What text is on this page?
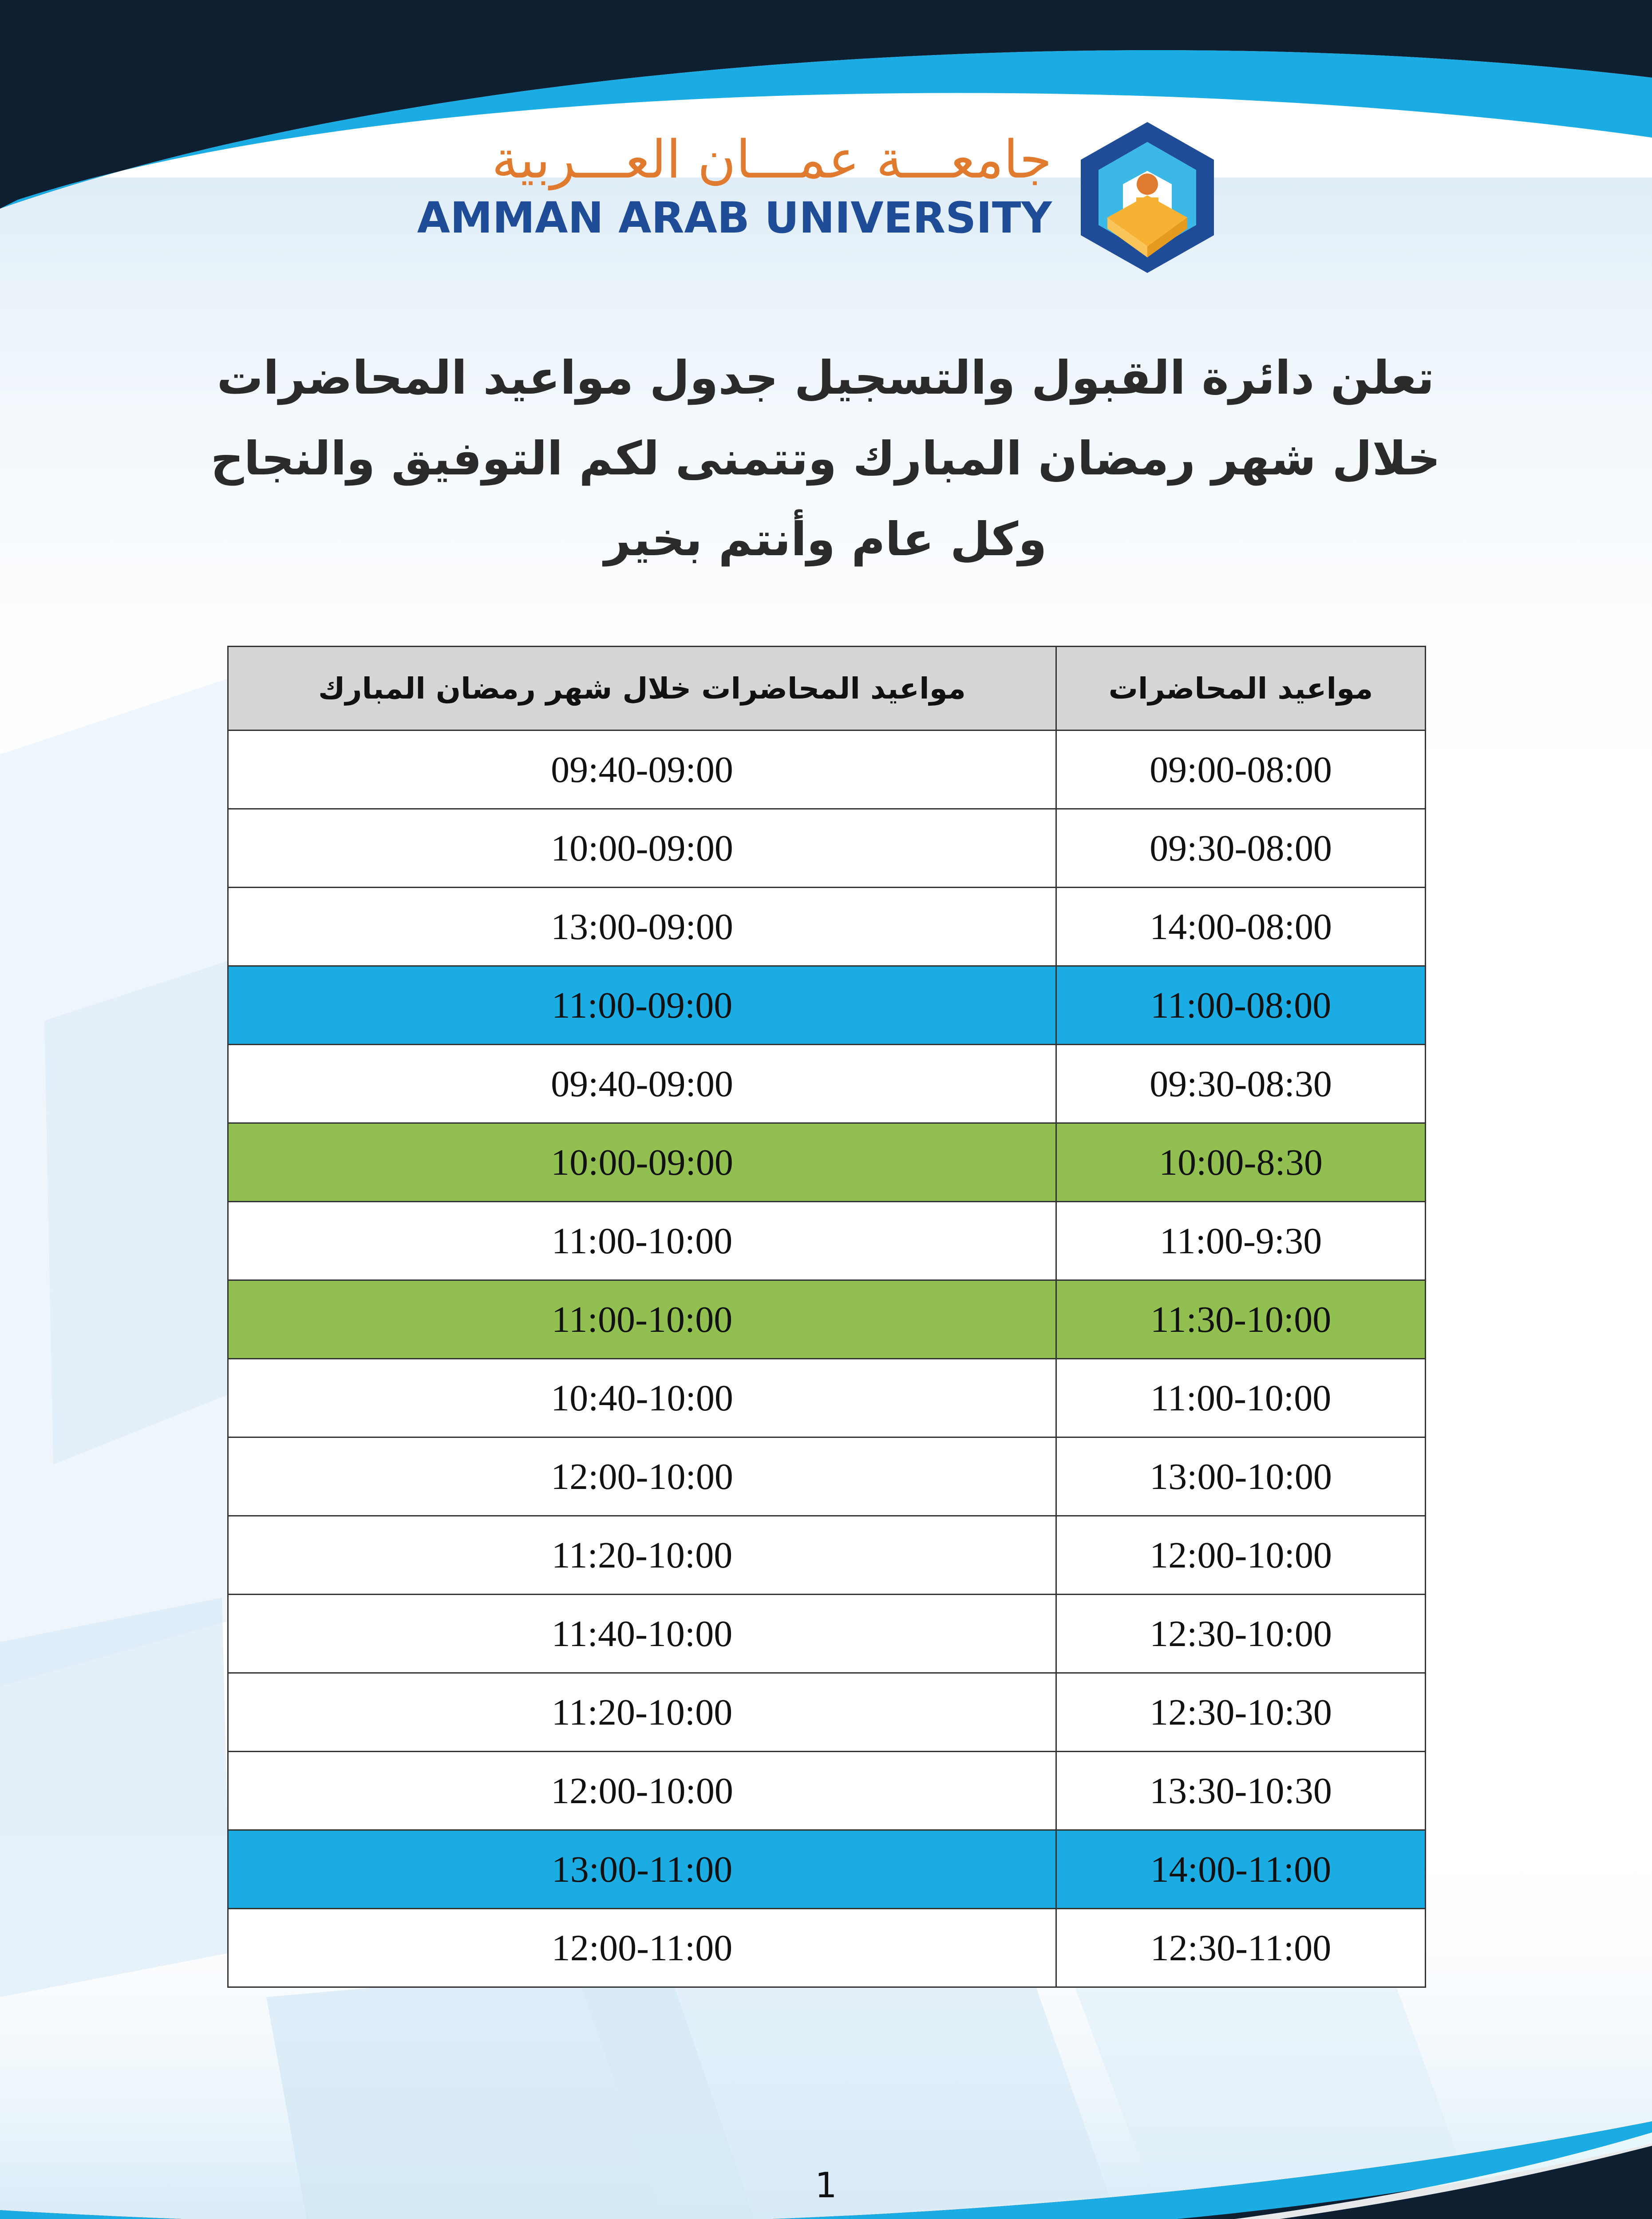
جامعـــة عمـــان العـــربية
AMMAN ARAB UNIVERSITY
تعلن دائرة القبول والتسجيل جدول مواعيد المحاضرات
خلال شهر رمضان المبارك وتتمنى لكم التوفيق والنجاح
وكل عام وأنتم بخير
مواعيد المحاضرات	مواعيد المحاضرات خلال شهر رمضان المبارك
09:00-08:00	09:40-09:00
09:30-08:00	10:00-09:00
14:00-08:00	13:00-09:00
11:00-08:00	11:00-09:00
09:30-08:30	09:40-09:00
10:00-8:30	10:00-09:00
11:00-9:30	11:00-10:00
11:30-10:00	11:00-10:00
11:00-10:00	10:40-10:00
13:00-10:00	12:00-10:00
12:00-10:00	11:20-10:00
12:30-10:00	11:40-10:00
12:30-10:30	11:20-10:00
13:30-10:30	12:00-10:00
14:00-11:00	13:00-11:00
12:30-11:00	12:00-11:00
1
